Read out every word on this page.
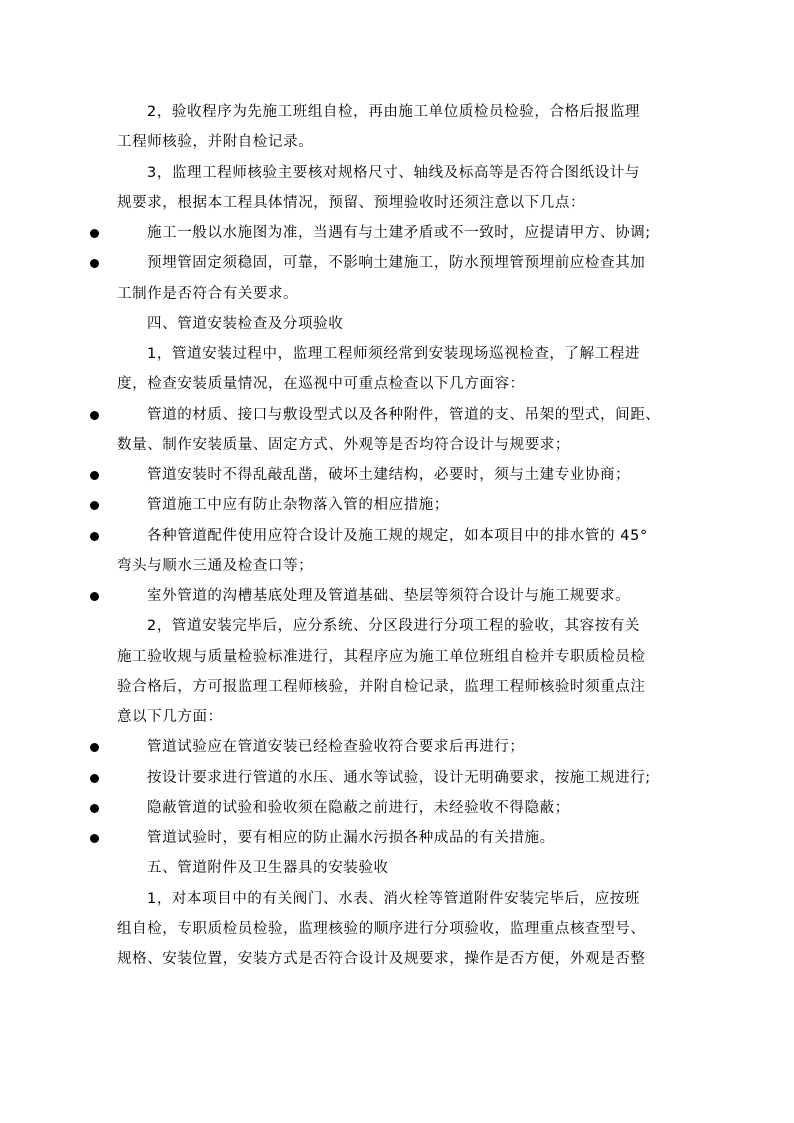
2，验收程序为先施工班组自检，再由施工单位质检员检验，合格后报监理
工程师核验，并附自检记录。
3，监理工程师核验主要核对规格尺寸、轴线及标高等是否符合图纸设计与
规要求，根据本工程具体情况，预留、预埋验收时还须注意以下几点：
施工一般以水施图为准，当遇有与土建矛盾或不一致时，应提请甲方、协调;
预埋管固定须稳固，可靠，不影响土建施工，防水预埋管预埋前应检查其加
工制作是否符合有关要求。
四、管道安装检查及分项验收
1，管道安装过程中，监理工程师须经常到安装现场巡视检查，了解工程进
度，检查安装质量情况，在巡视中可重点检查以下几方面容：
管道的材质、接口与敷设型式以及各种附件，管道的支、吊架的型式，间距、
数量、制作安装质量、固定方式、外观等是否均符合设计与规要求；
管道安装时不得乱敲乱凿，破坏土建结构，必要时，须与土建专业协商；
管道施工中应有防止杂物落入管的相应措施；
各种管道配件使用应符合设计及施工规的规定，如本项目中的排水管的 45°
弯头与顺水三通及检查口等；
室外管道的沟槽基底处理及管道基础、垫层等须符合设计与施工规要求。
2，管道安装完毕后，应分系统、分区段进行分项工程的验收，其容按有关
施工验收规与质量检验标准进行，其程序应为施工单位班组自检并专职质检员检
验合格后，方可报监理工程师核验，并附自检记录，监理工程师核验时须重点注
意以下几方面：
管道试验应在管道安装已经检查验收符合要求后再进行；
按设计要求进行管道的水压、通水等试验，设计无明确要求，按施工规进行;
隐蔽管道的试验和验收须在隐蔽之前进行，未经验收不得隐蔽；
管道试验时，要有相应的防止漏水污损各种成品的有关措施。
五、管道附件及卫生器具的安装验收
1，对本项目中的有关阀门、水表、消火栓等管道附件安装完毕后，应按班
组自检，专职质检员检验，监理核验的顺序进行分项验收，监理重点核查型号、
规格、安装位置，安装方式是否符合设计及规要求，操作是否方便，外观是否整
